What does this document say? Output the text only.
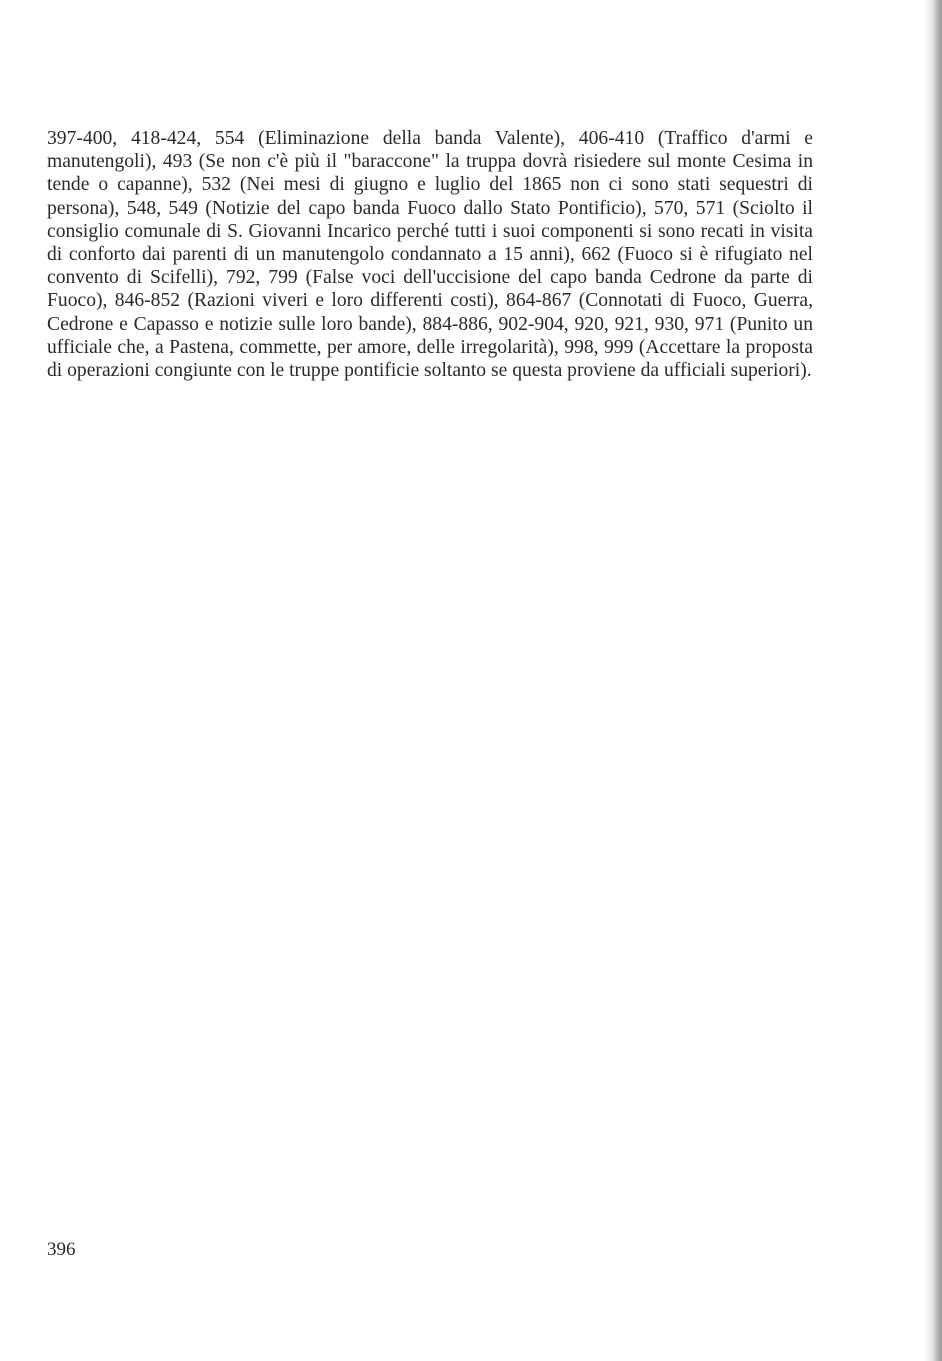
397-400, 418-424, 554 (Eliminazione della banda Valente), 406-410 (Traffico d'armi e manutengoli), 493 (Se non c'è più il "baraccone" la truppa dovrà risiedere sul monte Cesima in tende o capanne), 532 (Nei mesi di giugno e luglio del 1865 non ci sono stati sequestri di persona), 548, 549 (Notizie del capo banda Fuoco dallo Stato Pontificio), 570, 571 (Sciolto il consiglio comunale di S. Giovanni Incarico perché tutti i suoi componenti si sono recati in visita di conforto dai parenti di un manutengolo condannato a 15 anni), 662 (Fuoco si è rifugiato nel convento di Scifelli), 792, 799 (False voci dell'uccisione del capo banda Cedrone da parte di Fuoco), 846-852 (Razioni viveri e loro differenti costi), 864-867 (Connotati di Fuoco, Guerra, Cedrone e Capasso e notizie sulle loro bande), 884-886, 902-904, 920, 921, 930, 971 (Punito un ufficiale che, a Pastena, commette, per amore, delle irregolarità), 998, 999 (Accettare la proposta di operazioni congiunte con le truppe pontificie soltanto se questa proviene da ufficiali superiori).

396
